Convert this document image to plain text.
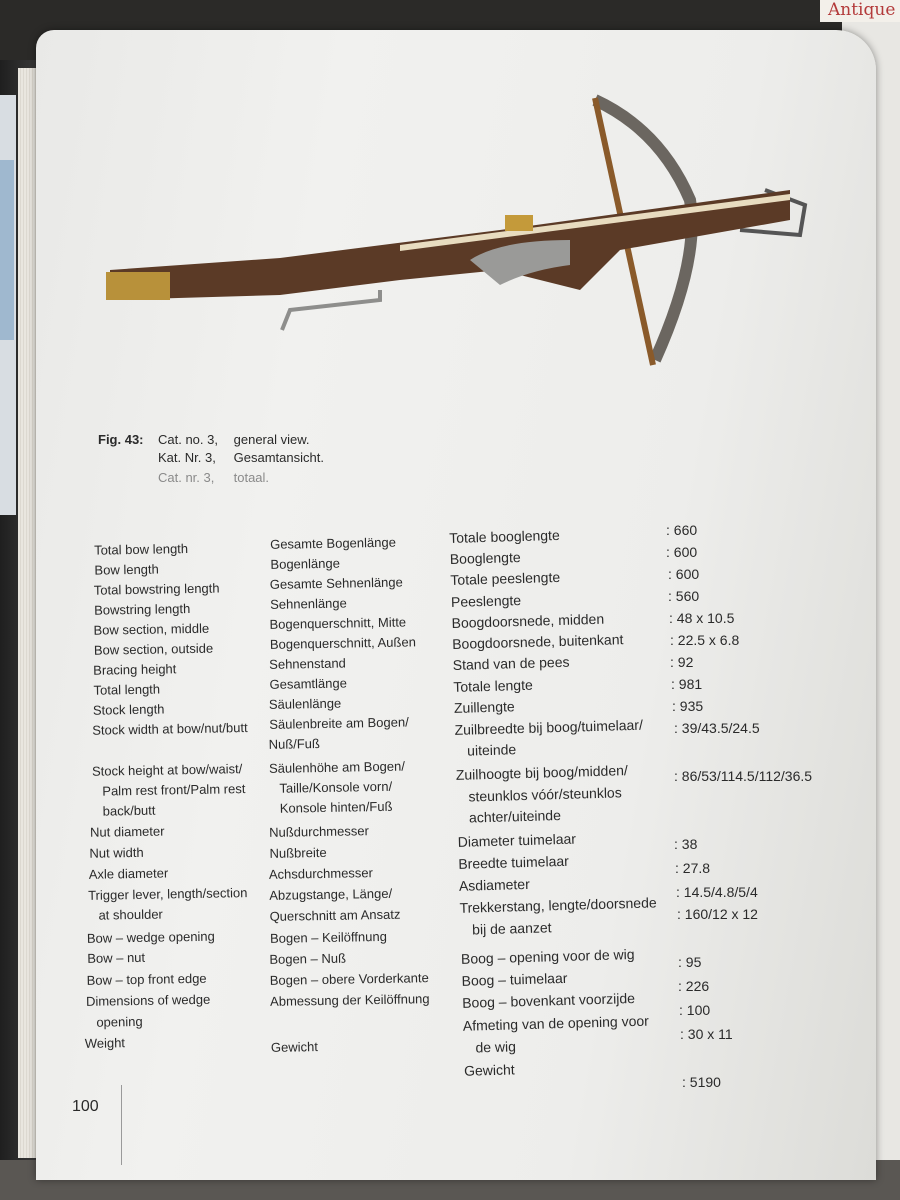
Antique
Fig. 43:	Cat. no. 3, general view.
Kat. Nr. 3, Gesamtansicht.
Cat. nr. 3, totaal.
Total bow length
Bow length
Total bowstring length
Bowstring length
Bow section, middle
Bow section, outside
Bracing height
Total length
Stock length
Stock width at bow/nut/butt
Stock height at bow/waist/
Palm rest front/Palm rest
back/butt
Nut diameter
Nut width
Axle diameter
Trigger lever, length/section
at shoulder
Bow – wedge opening
Bow – nut
Bow – top front edge
Dimensions of wedge
opening
Weight
Gesamte Bogenlänge
Bogenlänge
Gesamte Sehnenlänge
Sehnenlänge
Bogenquerschnitt, Mitte
Bogenquerschnitt, Außen
Sehnenstand
Gesamtlänge
Säulenlänge
Säulenbreite am Bogen/
Nuß/Fuß
Säulenhöhe am Bogen/
Taille/Konsole vorn/
Konsole hinten/Fuß
Nußdurchmesser
Nußbreite
Achsdurchmesser
Abzugstange, Länge/
Querschnitt am Ansatz
Bogen – Keilöffnung
Bogen – Nuß
Bogen – obere Vorderkante
Abmessung der Keilöffnung
Gewicht
Totale booglengte
Booglengte
Totale peeslengte
Peeslengte
Boogdoorsnede, midden
Boogdoorsnede, buitenkant
Stand van de pees
Totale lengte
Zuillengte
Zuilbreedte bij boog/tuimelaar/
uiteinde
Zuilhoogte bij boog/midden/
steunklos vóór/steunklos
achter/uiteinde
Diameter tuimelaar
Breedte tuimelaar
Asdiameter
Trekkerstang, lengte/doorsnede
bij de aanzet
Boog – opening voor de wig
Boog – tuimelaar
Boog – bovenkant voorzijde
Afmeting van de opening voor
de wig
Gewicht
: 660
: 600
: 600
: 560
: 48 x 10.5
: 22.5 x 6.8
: 92
: 981
: 935
: 39/43.5/24.5
: 86/53/114.5/112/36.5
: 38
: 27.8
: 14.5/4.8/5/4
: 160/12 x 12
: 95
: 226
: 100
: 30 x 11
: 5190
100
